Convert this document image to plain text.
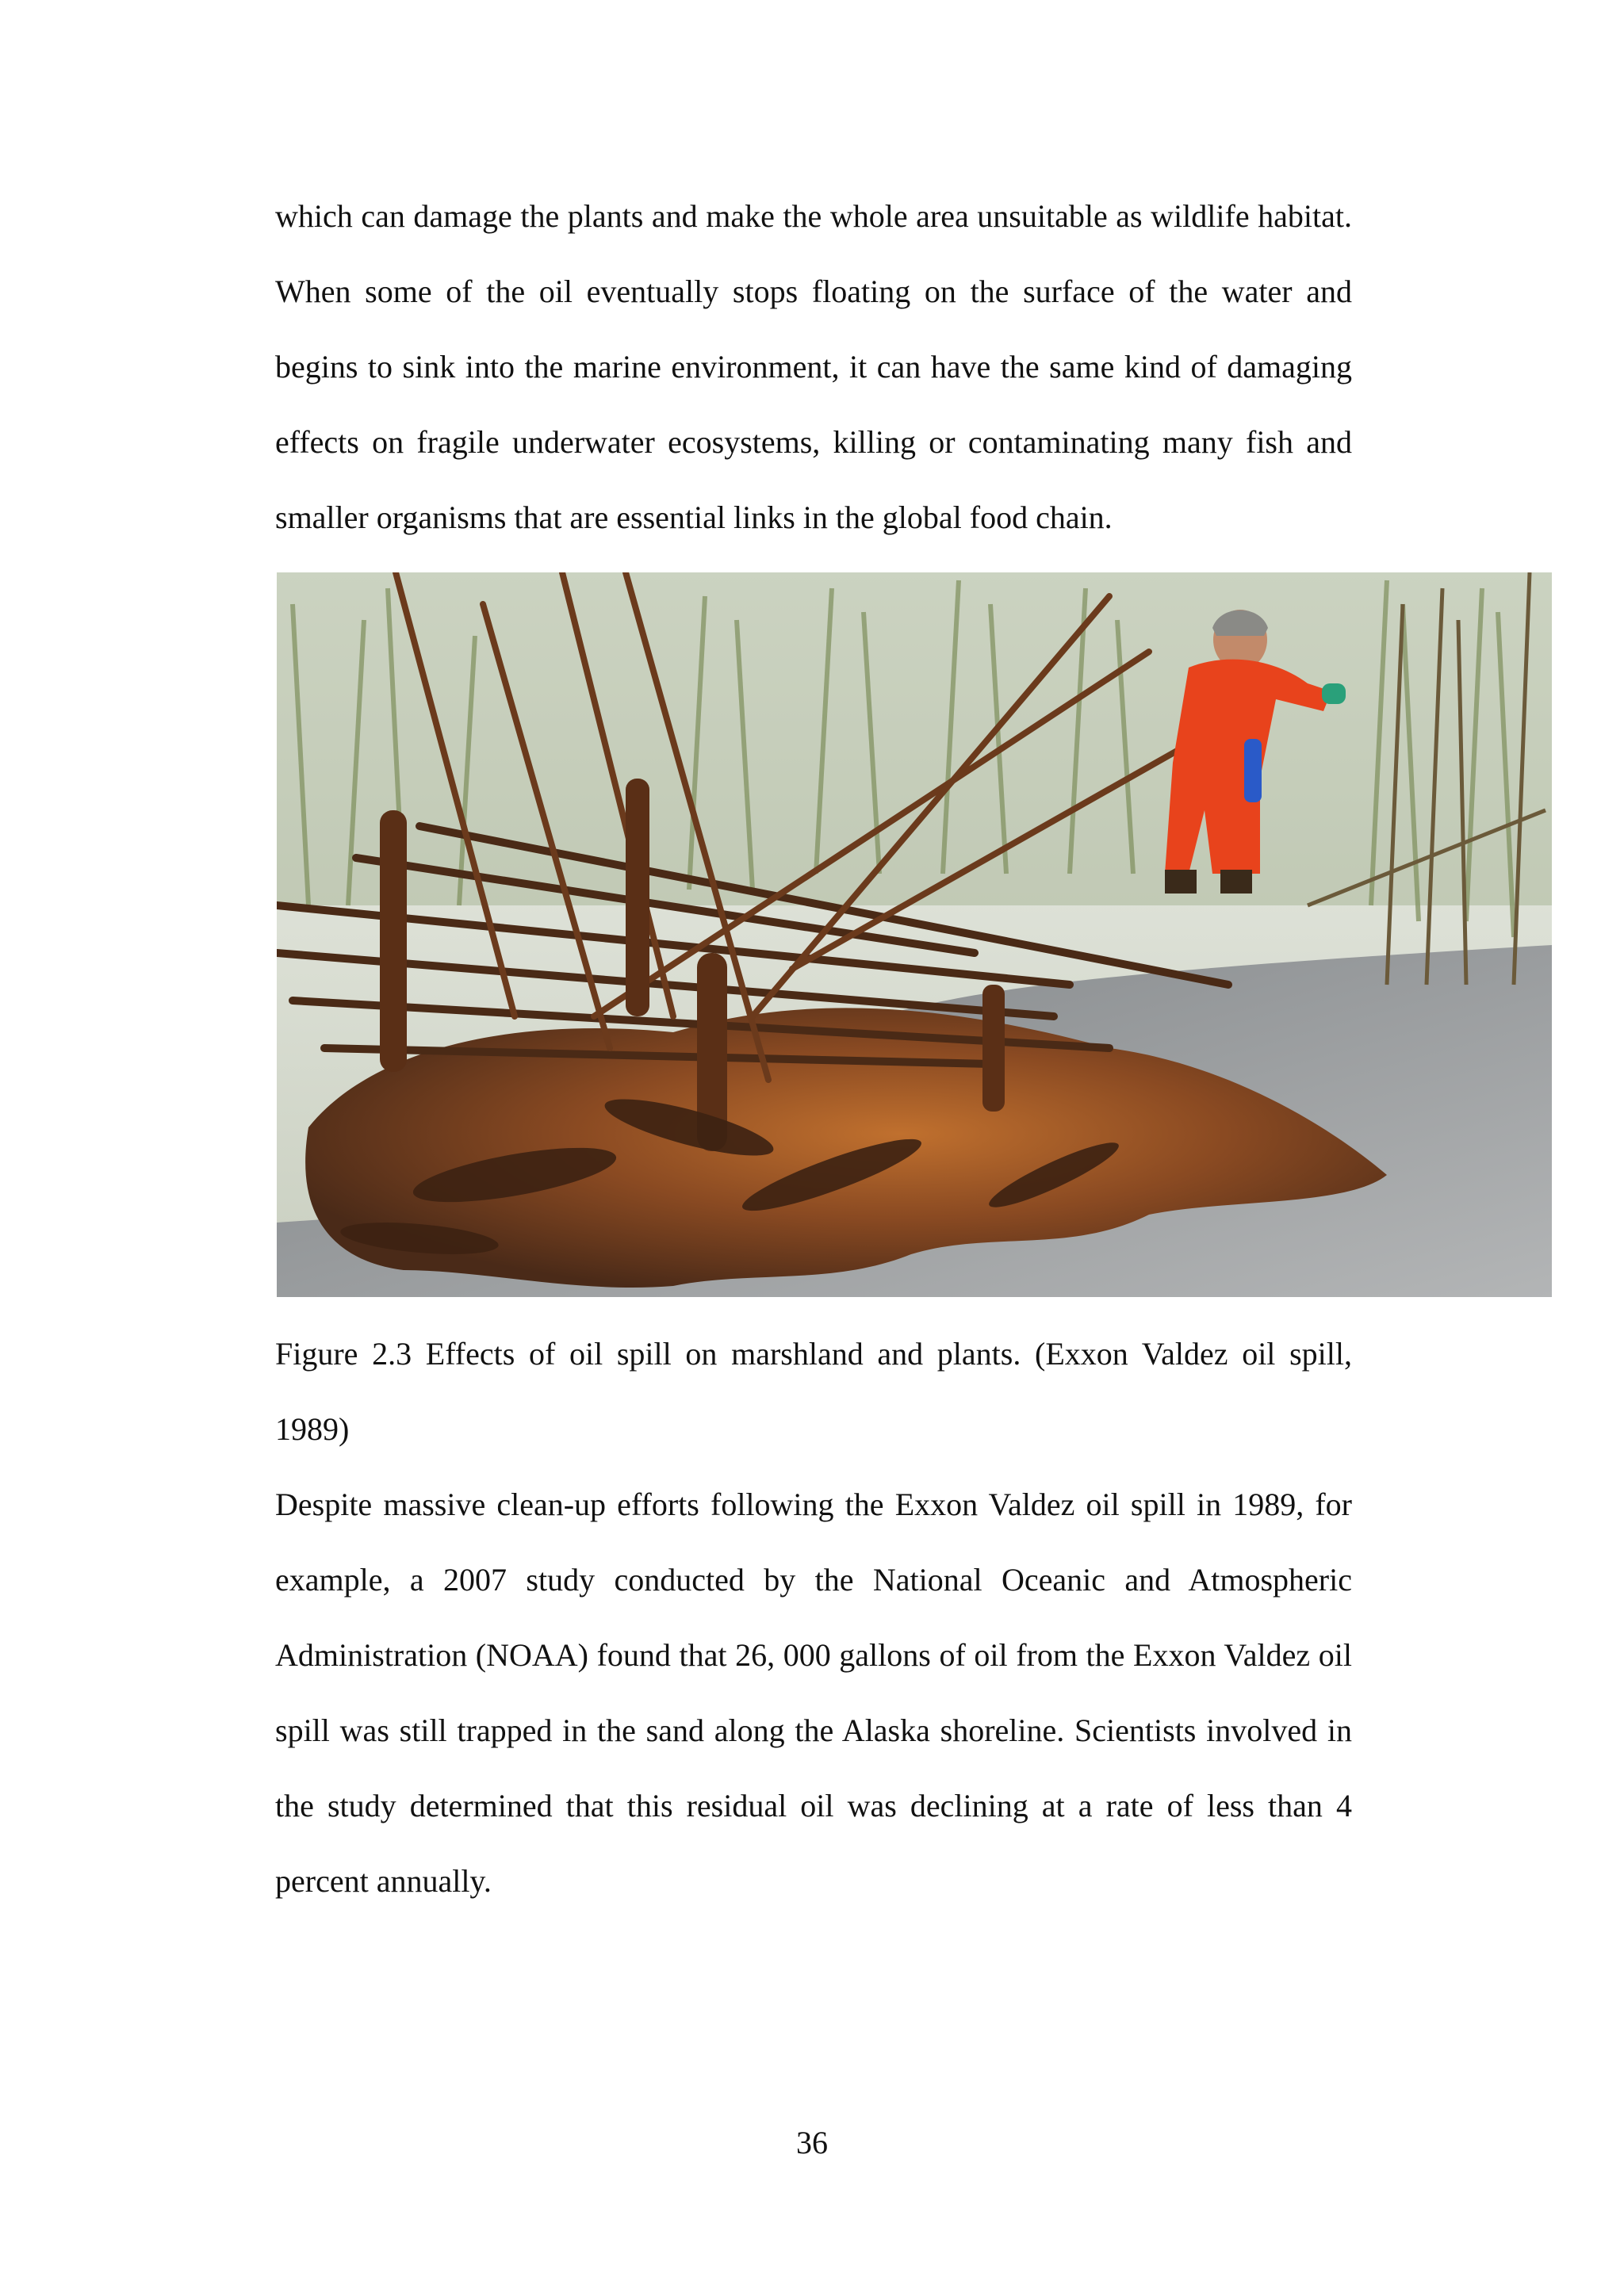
which can damage the plants and make the whole area unsuitable as wildlife habitat. When some of the oil eventually stops floating on the surface of the water and begins to sink into the marine environment, it can have the same kind of damaging effects on fragile underwater ecosystems, killing or contaminating many fish and smaller organisms that are essential links in the global food chain.

Figure 2.3 Effects of oil spill on marshland and plants. (Exxon Valdez oil spill, 1989)

Despite massive clean-up efforts following the Exxon Valdez oil spill in 1989, for example, a 2007 study conducted by the National Oceanic and Atmospheric Administration (NOAA) found that 26, 000 gallons of oil from the Exxon Valdez oil spill was still trapped in the sand along the Alaska shoreline. Scientists involved in the study determined that this residual oil was declining at a rate of less than 4 percent annually.

36
